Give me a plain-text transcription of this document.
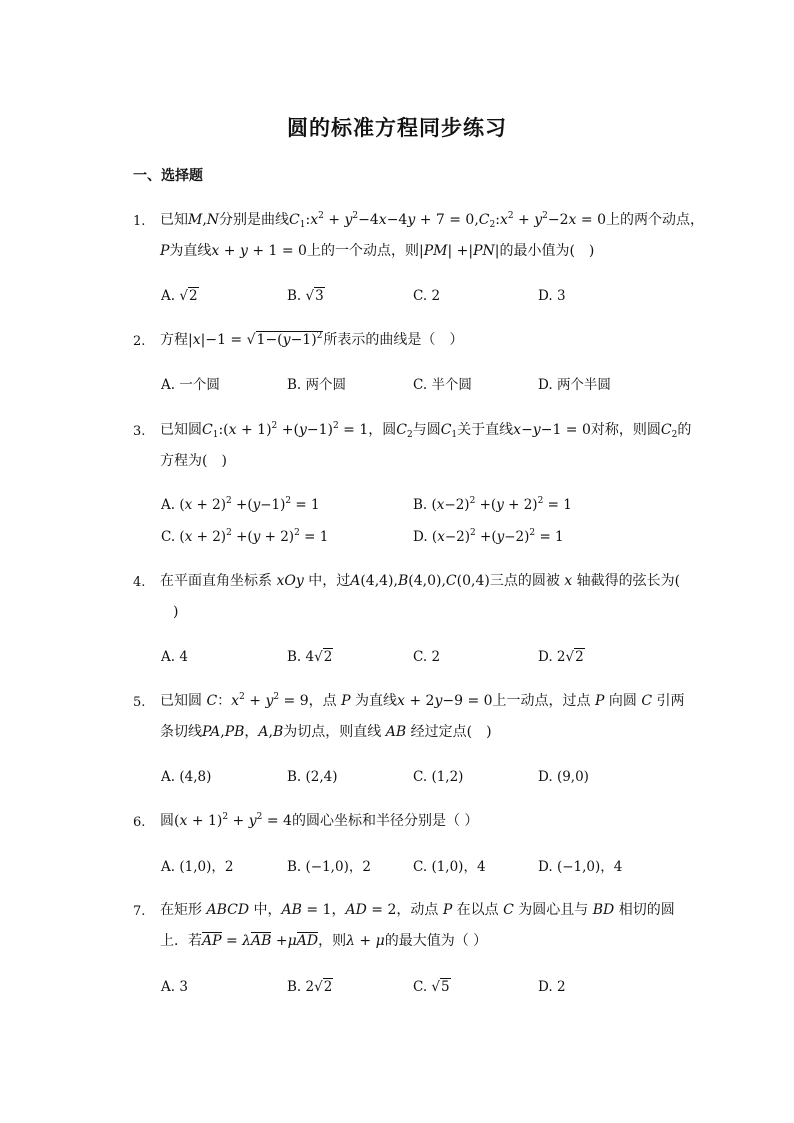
圆的标准方程同步练习
一、选择题
1. 已知M,N分别是曲线$C_1:x^2 + y^2-4x-4y + 7$ = $0,C_2:x^2 + y^2-2x = 0$上的两个动点，
P为直线x + y + 1 = 0上的一个动点，则|PM| +|PN|的最小值为(　)
A. √2	B. √3	C. 2	D. 3
2. 方程$|x|-1 = √1-(y-1)^2$所表示的曲线是（　）
A. 一个圆	B. 两个圆	C. 半个圆	D. 两个半圆
3. 已知圆$C_1:(x + 1)^2 +(y-1)^2 = 1$，圆$C_2$与圆$C_1$关于直线x−y−1 = 0对称，则圆$C_2$的
方程为(　)
A. $(x + 2)^2 +(y-1)^2 = 1$	B. $(x-2)^2 +(y + 2)^2 = 1$
C. $(x + 2)^2 +(y + 2)^2 = 1$	D. $(x-2)^2 +(y-2)^2 = 1$
4. 在平面直角坐标系 xOy 中，过A(4,4),B(4,0),C(0,4)三点的圆被 x 轴截得的弦长为(
)
A. 4	B. 4√2	C. 2	D. 2√2
5. 已知圆 C：$x^2 + y^2 = 9$，点 P 为直线x + 2y−9 = 0上一动点，过点 P 向圆 C 引两
条切线PA,PB，A,B为切点，则直线 AB 经过定点(　)
A. (4,8)	B. (2,4)	C. (1,2)	D. (9,0)
6. 圆$(x + 1)^2 + y^2 = 4$的圆心坐标和半径分别是（ ）
A. (1,0)，2	B. (−1,0)，2	C. (1,0)，4	D. (−1,0)，4
7. 在矩形 ABCD 中，AB = 1，AD = 2，动点 P 在以点 C 为圆心且与 BD 相切的圆
上．若AP = λAB +μAD，则λ + μ的最大值为（ ）
A. 3	B. 2√2	C. √5	D. 2
